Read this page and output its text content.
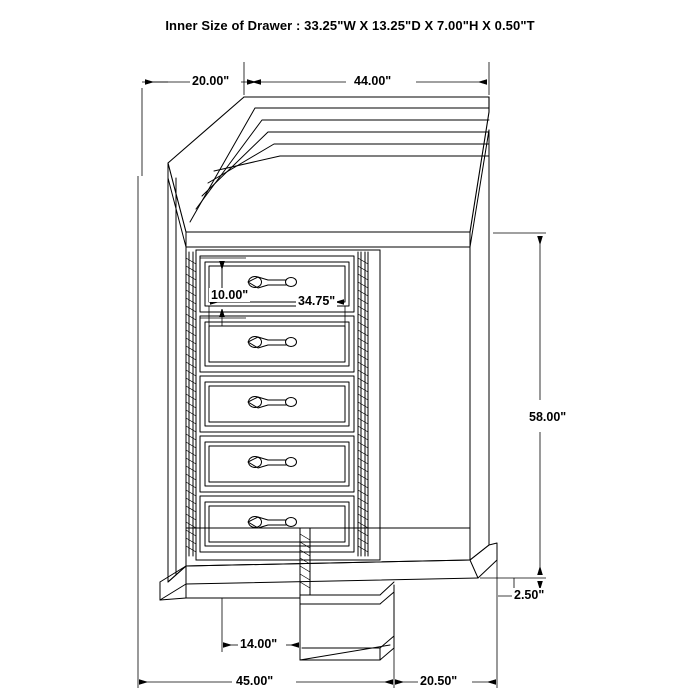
Inner Size of Drawer : 33.25"W X 13.25"D X 7.00"H X 0.50"T
20.00"	44.00"
10.00"	34.75"
58.00"
2.50"
14.00"
45.00"	20.50"
